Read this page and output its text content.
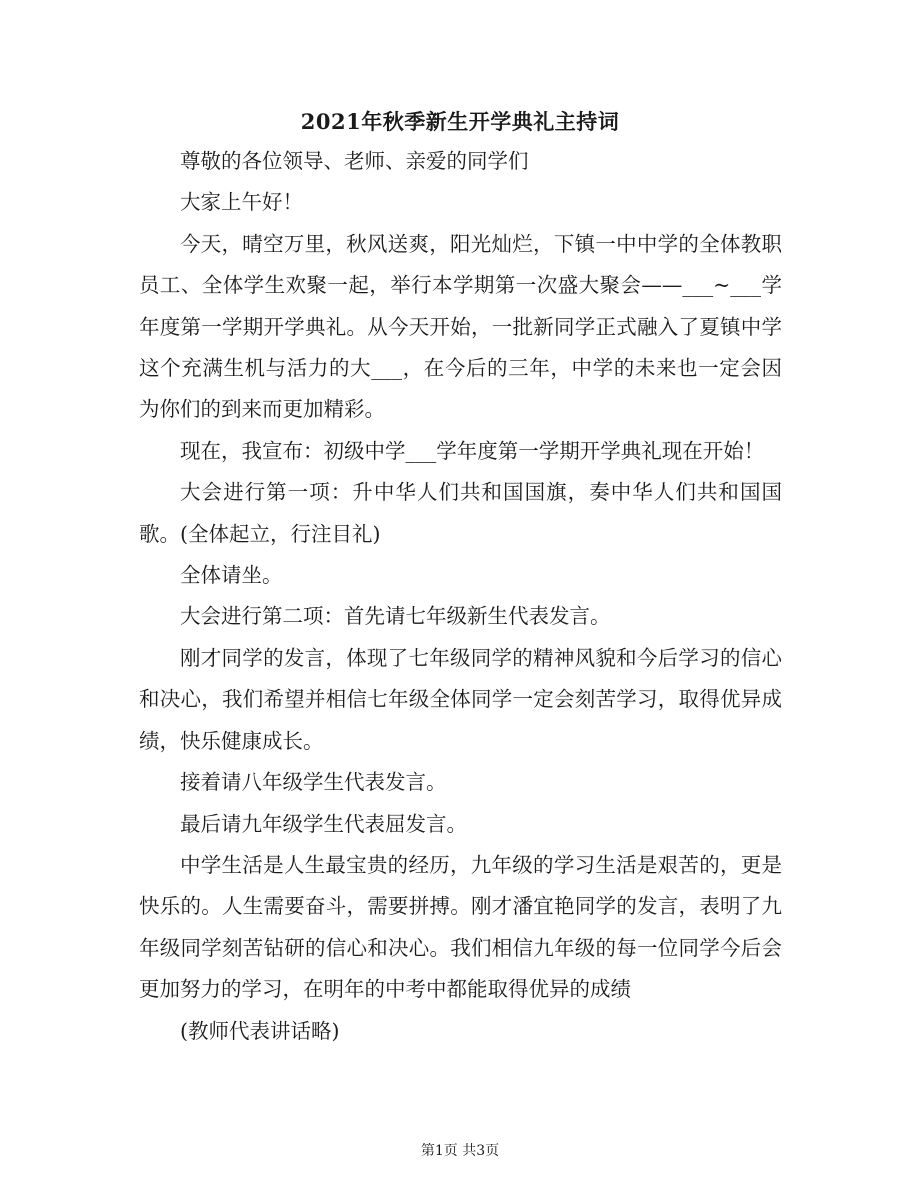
2021年秋季新生开学典礼主持词

尊敬的各位领导、老师、亲爱的同学们

大家上午好！

今天，晴空万里，秋风送爽，阳光灿烂，下镇一中中学的全体教职员工、全体学生欢聚一起，举行本学期第一次盛大聚会——___~___学年度第一学期开学典礼。从今天开始，一批新同学正式融入了夏镇中学这个充满生机与活力的大___，在今后的三年，中学的未来也一定会因为你们的到来而更加精彩。

现在，我宣布：初级中学___学年度第一学期开学典礼现在开始！

大会进行第一项：升中华人们共和国国旗，奏中华人们共和国国歌。(全体起立，行注目礼)

全体请坐。

大会进行第二项：首先请七年级新生代表发言。

刚才同学的发言，体现了七年级同学的精神风貌和今后学习的信心和决心，我们希望并相信七年级全体同学一定会刻苦学习，取得优异成绩，快乐健康成长。

接着请八年级学生代表发言。

最后请九年级学生代表屈发言。

中学生活是人生最宝贵的经历，九年级的学习生活是艰苦的，更是快乐的。人生需要奋斗，需要拼搏。刚才潘宜艳同学的发言，表明了九年级同学刻苦钻研的信心和决心。我们相信九年级的每一位同学今后会更加努力的学习，在明年的中考中都能取得优异的成绩

(教师代表讲话略)

第1页 共3页
